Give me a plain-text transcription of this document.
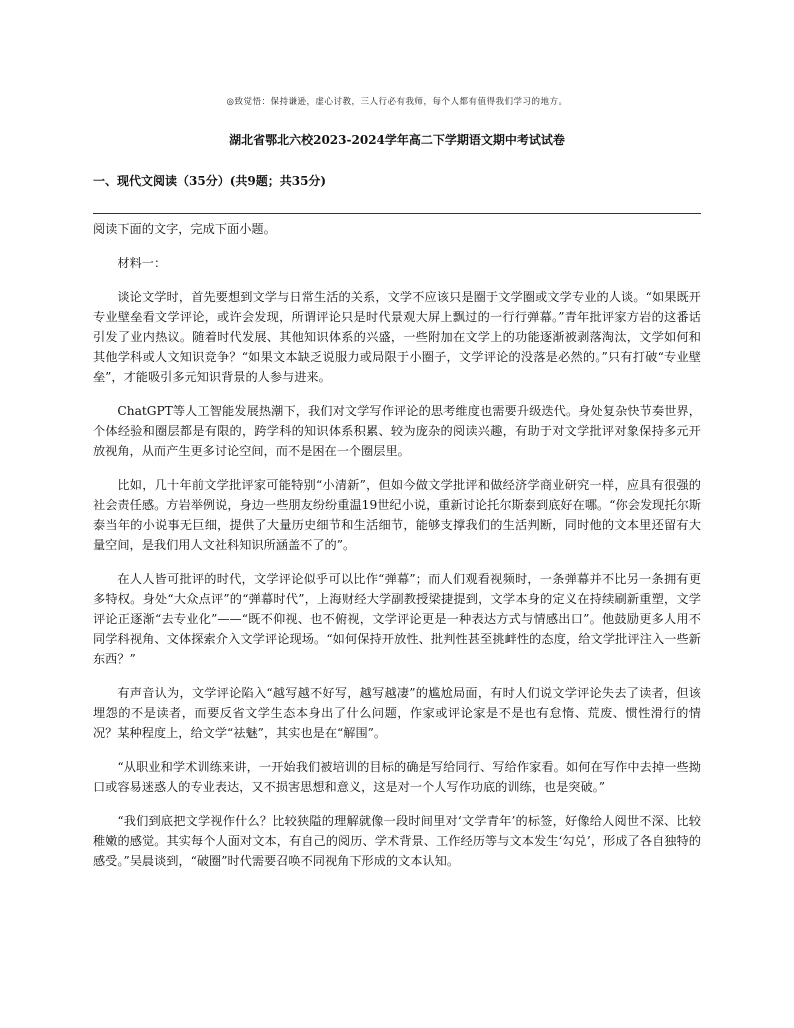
◎致觉悟：保持谦逊，虚心讨教，三人行必有我师，每个人都有值得我们学习的地方。
湖北省鄂北六校2023-2024学年高二下学期语文期中考试试卷
一、现代文阅读（35分）(共9题；共35分)

阅读下面的文字，完成下面小题。

材料一：

谈论文学时，首先要想到文学与日常生活的关系，文学不应该只是圈于文学圈或文学专业的人谈。“如果既开专业壁垒看文学评论，或许会发现，所谓评论只是时代景观大屏上飘过的一行行弹幕。”青年批评家方岩的这番话引发了业内热议。随着时代发展、其他知识体系的兴盛，一些附加在文学上的功能逐渐被剥落淘汰，文学如何和其他学科或人文知识竞争？“如果文本缺乏说服力或局限于小圈子，文学评论的没落是必然的。”只有打破“专业壁垒”，才能吸引多元知识背景的人参与进来。

ChatGPT等人工智能发展热潮下，我们对文学写作评论的思考维度也需要升级迭代。身处复杂快节奏世界，个体经验和圈层都是有限的，跨学科的知识体系积累、较为庞杂的阅读兴趣，有助于对文学批评对象保持多元开放视角，从而产生更多讨论空间，而不是困在一个圈层里。

比如，几十年前文学批评家可能特别“小清新”，但如今做文学批评和做经济学商业研究一样，应具有很强的社会责任感。方岩举例说，身边一些朋友纷纷重温19世纪小说，重新讨论托尔斯泰到底好在哪。“你会发现托尔斯泰当年的小说事无巨细，提供了大量历史细节和生活细节，能够支撑我们的生活判断，同时他的文本里还留有大量空间，是我们用人文社科知识所涵盖不了的”。

在人人皆可批评的时代，文学评论似乎可以比作“弹幕”；而人们观看视频时，一条弹幕并不比另一条拥有更多特权。身处“大众点评”的“弹幕时代”，上海财经大学副教授梁捷提到，文学本身的定义在持续刷新重塑，文学评论正逐渐“去专业化”——“既不仰视、也不俯视，文学评论更是一种表达方式与情感出口”。他鼓励更多人用不同学科视角、文体探索介入文学评论现场。“如何保持开放性、批判性甚至挑衅性的态度，给文学批评注入一些新东西？”

有声音认为，文学评论陷入“越写越不好写，越写越凄”的尴尬局面，有时人们说文学评论失去了读者，但该埋怨的不是读者，而要反省文学生态本身出了什么问题，作家或评论家是不是也有怠惰、荒废、惯性滑行的情况？某种程度上，给文学“祛魅”，其实也是在“解围”。

“从职业和学术训练来讲，一开始我们被培训的目标的确是写给同行、写给作家看。如何在写作中去掉一些拗口或容易迷惑人的专业表达，又不损害思想和意义，这是对一个人写作功底的训练，也是突破。”

“我们到底把文学视作什么？比较狭隘的理解就像一段时间里对‘文学青年’的标签，好像给人阅世不深、比较稚嫩的感觉。其实每个人面对文本，有自己的阅历、学术背景、工作经历等与文本发生‘勾兑’，形成了各自独特的感受。”吴晨谈到，“破圈”时代需要召唤不同视角下形成的文本认知。
